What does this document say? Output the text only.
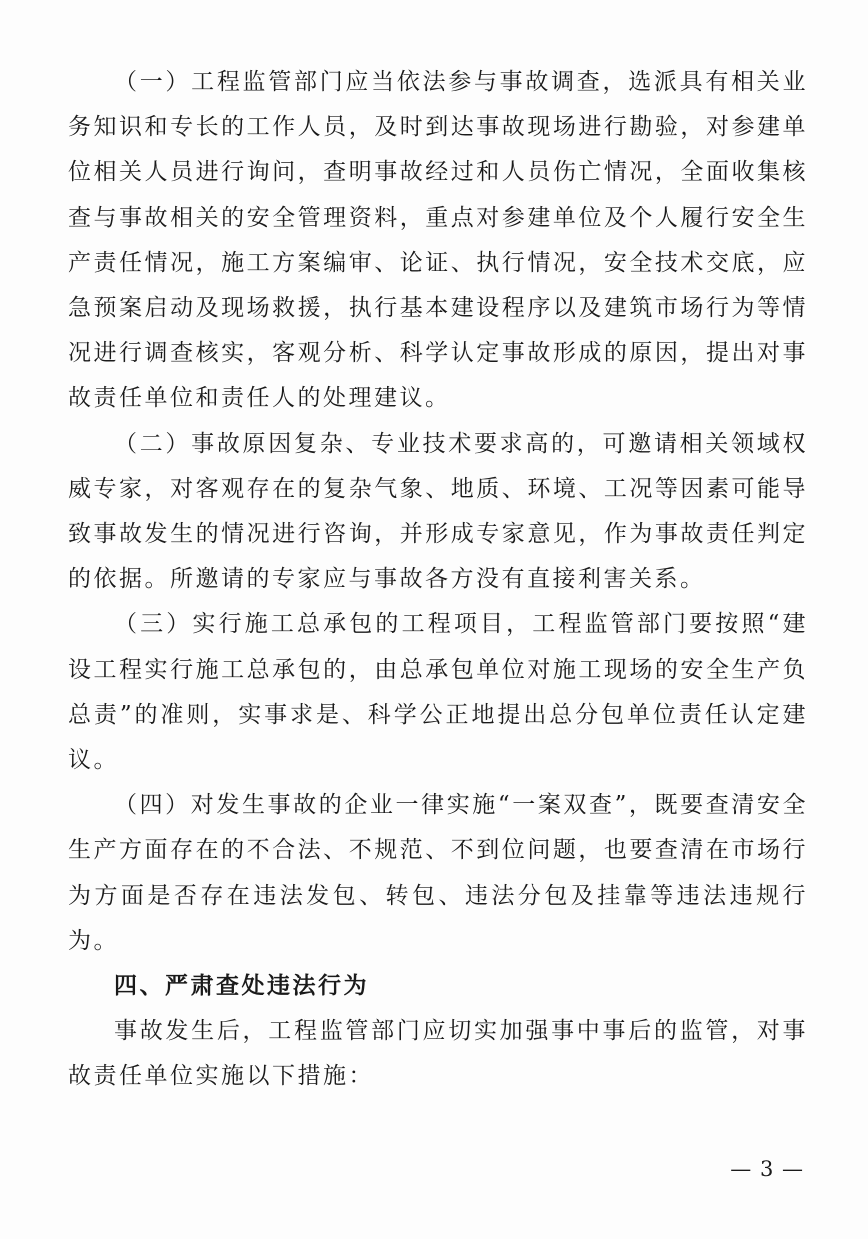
（一）工程监管部门应当依法参与事故调查，选派具有相关业务知识和专长的工作人员，及时到达事故现场进行勘验，对参建单位相关人员进行询问，查明事故经过和人员伤亡情况，全面收集核查与事故相关的安全管理资料，重点对参建单位及个人履行安全生产责任情况，施工方案编审、论证、执行情况，安全技术交底，应急预案启动及现场救援，执行基本建设程序以及建筑市场行为等情况进行调查核实，客观分析、科学认定事故形成的原因，提出对事故责任单位和责任人的处理建议。

（二）事故原因复杂、专业技术要求高的，可邀请相关领域权威专家，对客观存在的复杂气象、地质、环境、工况等因素可能导致事故发生的情况进行咨询，并形成专家意见，作为事故责任判定的依据。所邀请的专家应与事故各方没有直接利害关系。

（三）实行施工总承包的工程项目，工程监管部门要按照“建设工程实行施工总承包的，由总承包单位对施工现场的安全生产负总责”的准则，实事求是、科学公正地提出总分包单位责任认定建议。

（四）对发生事故的企业一律实施“一案双查”，既要查清安全生产方面存在的不合法、不规范、不到位问题，也要查清在市场行为方面是否存在违法发包、转包、违法分包及挂靠等违法违规行为。

四、严肃查处违法行为

事故发生后，工程监管部门应切实加强事中事后的监管，对事故责任单位实施以下措施：

— 3 —
